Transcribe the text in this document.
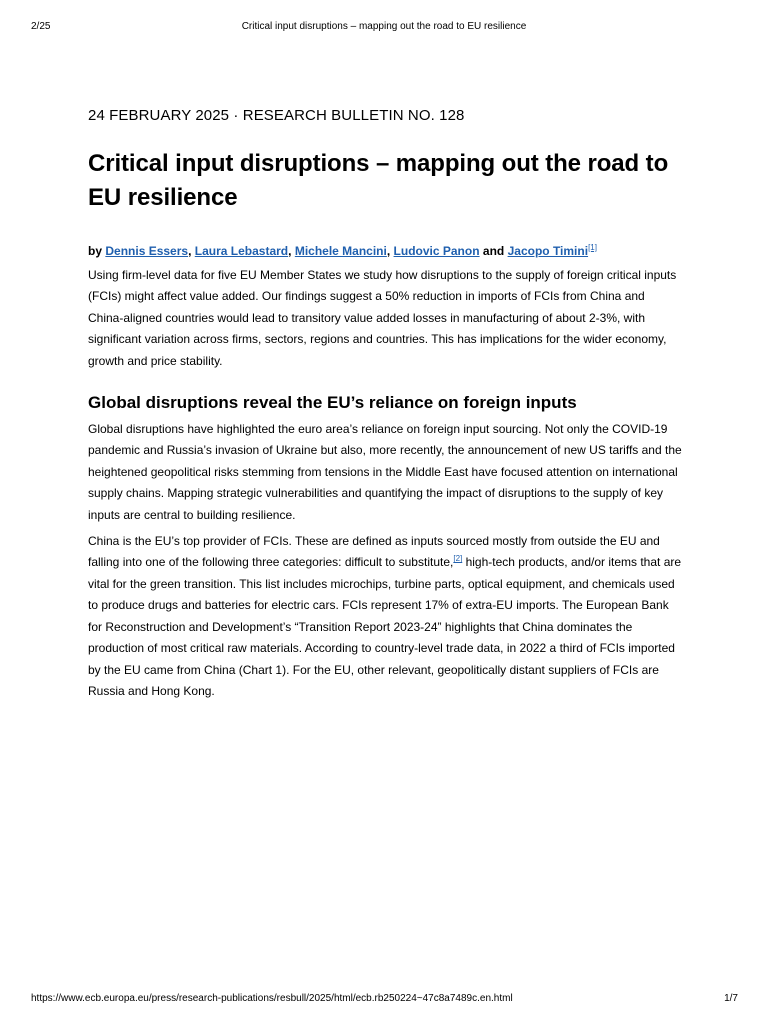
2/25	Critical input disruptions – mapping out the road to EU resilience

24 FEBRUARY 2025 · RESEARCH BULLETIN NO. 128

Critical input disruptions – mapping out the road to EU resilience
by Dennis Essers, Laura Lebastard, Michele Mancini, Ludovic Panon and Jacopo Timini[1]

Using firm-level data for five EU Member States we study how disruptions to the supply of foreign critical inputs (FCIs) might affect value added. Our findings suggest a 50% reduction in imports of FCIs from China and China-aligned countries would lead to transitory value added losses in manufacturing of about 2-3%, with significant variation across firms, sectors, regions and countries. This has implications for the wider economy, growth and price stability.

Global disruptions reveal the EU’s reliance on foreign inputs

Global disruptions have highlighted the euro area’s reliance on foreign input sourcing. Not only the COVID-19 pandemic and Russia’s invasion of Ukraine but also, more recently, the announcement of new US tariffs and the heightened geopolitical risks stemming from tensions in the Middle East have focused attention on international supply chains. Mapping strategic vulnerabilities and quantifying the impact of disruptions to the supply of key inputs are central to building resilience.

China is the EU’s top provider of FCIs. These are defined as inputs sourced mostly from outside the EU and falling into one of the following three categories: difficult to substitute,[2] high-tech products, and/or items that are vital for the green transition. This list includes microchips, turbine parts, optical equipment, and chemicals used to produce drugs and batteries for electric cars. FCIs represent 17% of extra-EU imports. The European Bank for Reconstruction and Development’s “Transition Report 2023-24” highlights that China dominates the production of most critical raw materials. According to country-level trade data, in 2022 a third of FCIs imported by the EU came from China (Chart 1). For the EU, other relevant, geopolitically distant suppliers of FCIs are Russia and Hong Kong.

https://www.ecb.europa.eu/press/research-publications/resbull/2025/html/ecb.rb250224~47c8a7489c.en.html	1/7
